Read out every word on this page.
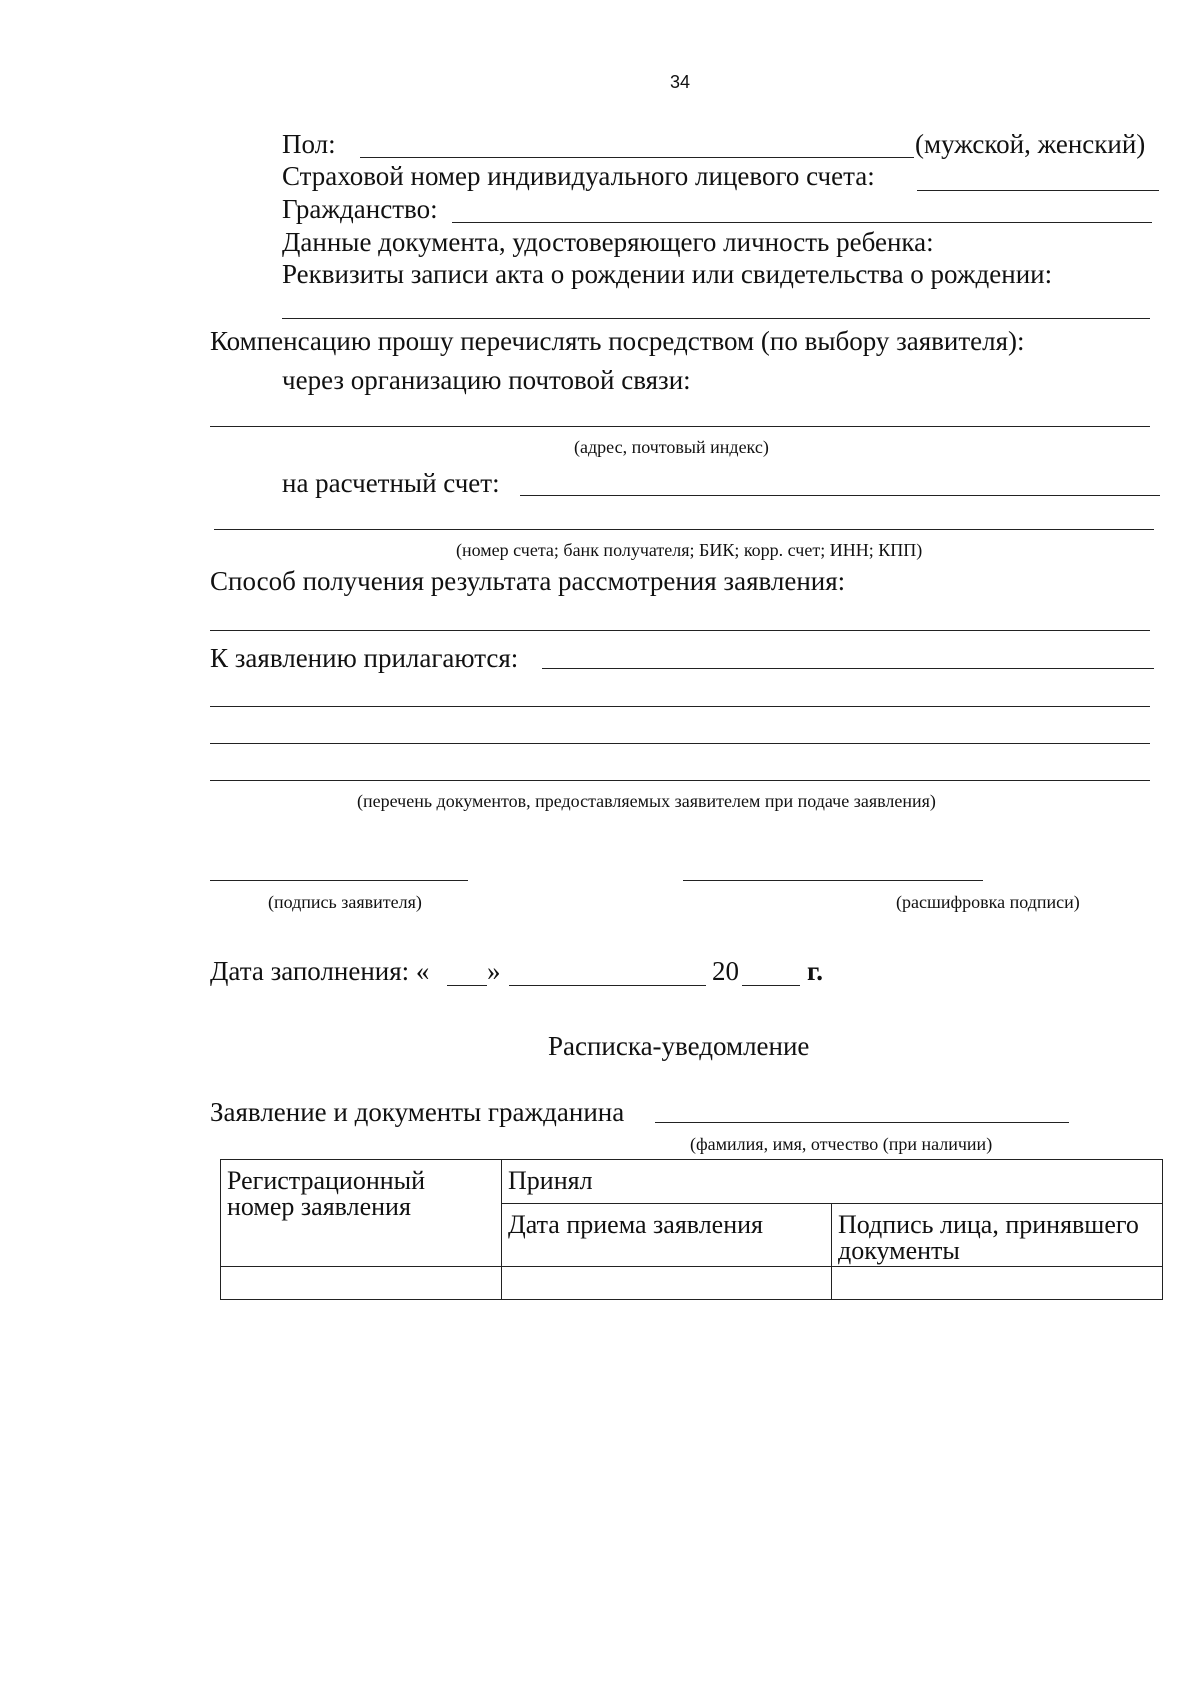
34
Пол:	(мужской, женский)
Страховой номер индивидуального лицевого счета:
Гражданство:
Данные документа, удостоверяющего личность ребенка:
Реквизиты записи акта о рождении или свидетельства о рождении:
Компенсацию прошу перечислять посредством (по выбору заявителя):
через организацию почтовой связи:
(адрес, почтовый индекс)
на расчетный счет:
(номер счета; банк получателя; БИК; корр. счет; ИНН; КПП)
Способ получения результата рассмотрения заявления:
К заявлению прилагаются:
(перечень документов, предоставляемых заявителем при подаче заявления)
(подпись заявителя)	(расшифровка подписи)
Дата заполнения: « »	20	г.
Расписка-уведомление
Заявление и документы гражданина
(фамилия, имя, отчество (при наличии)
Регистрационный номер заявления	Принял	
	Дата приема заявления	Подпись лица, принявшего документы
